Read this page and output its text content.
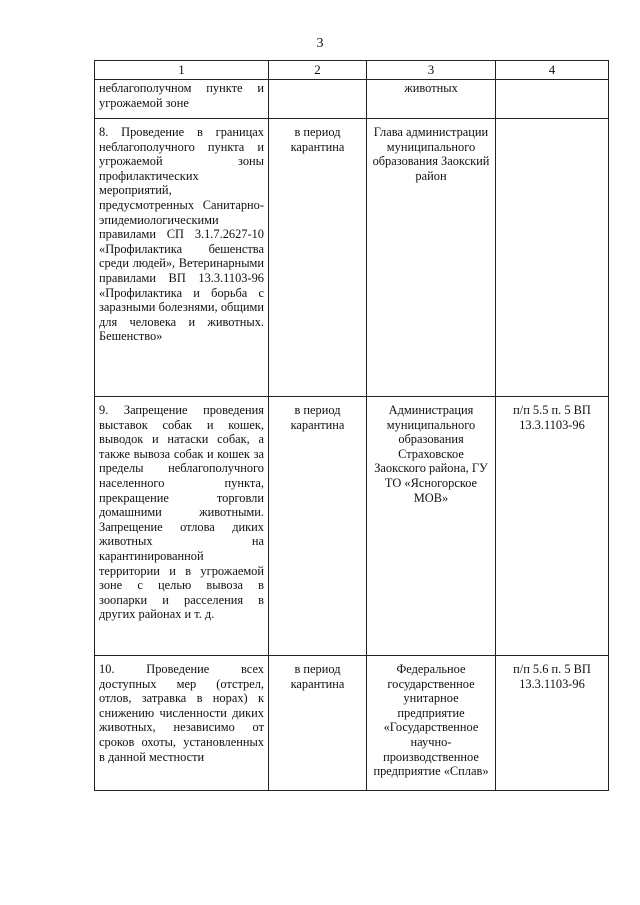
3
1	2	3	4

неблагополучном пункте и угрожаемой зоне		животных	

8. Проведение в границах неблагополучного пункта и угрожаемой зоны профилактических мероприятий, предусмотренных Санитарно-эпидемиологическими правилами СП 3.1.7.2627-10 «Профилактика бешенства среди людей», Ветеринарными правилами ВП 13.3.1103-96 «Профилактика и борьба с заразными болезнями, общими для человека и животных. Бешенство»	в период карантина	Глава администрации муниципального образования Заокский район	

9. Запрещение проведения выставок собак и кошек, выводок и натаски собак, а также вывоза собак и кошек за пределы неблагополучного населенного пункта, прекращение торговли домашними животными. Запрещение отлова диких животных на карантинированной территории и в угрожаемой зоне с целью вывоза в зоопарки и расселения в других районах и т. д.	в период карантина	Администрация муниципального образования Страховское Заокского района, ГУ ТО «Ясногорское МОВ»	п/п 5.5 п. 5 ВП 13.3.1103-96

10. Проведение всех доступных мер (отстрел, отлов, затравка в норах) к снижению численности диких животных, независимо от сроков охоты, установленных в данной местности	в период карантина	Федеральное государственное унитарное предприятие «Государственное научно-производственное предприятие «Сплав»	п/п 5.6 п. 5 ВП 13.3.1103-96
